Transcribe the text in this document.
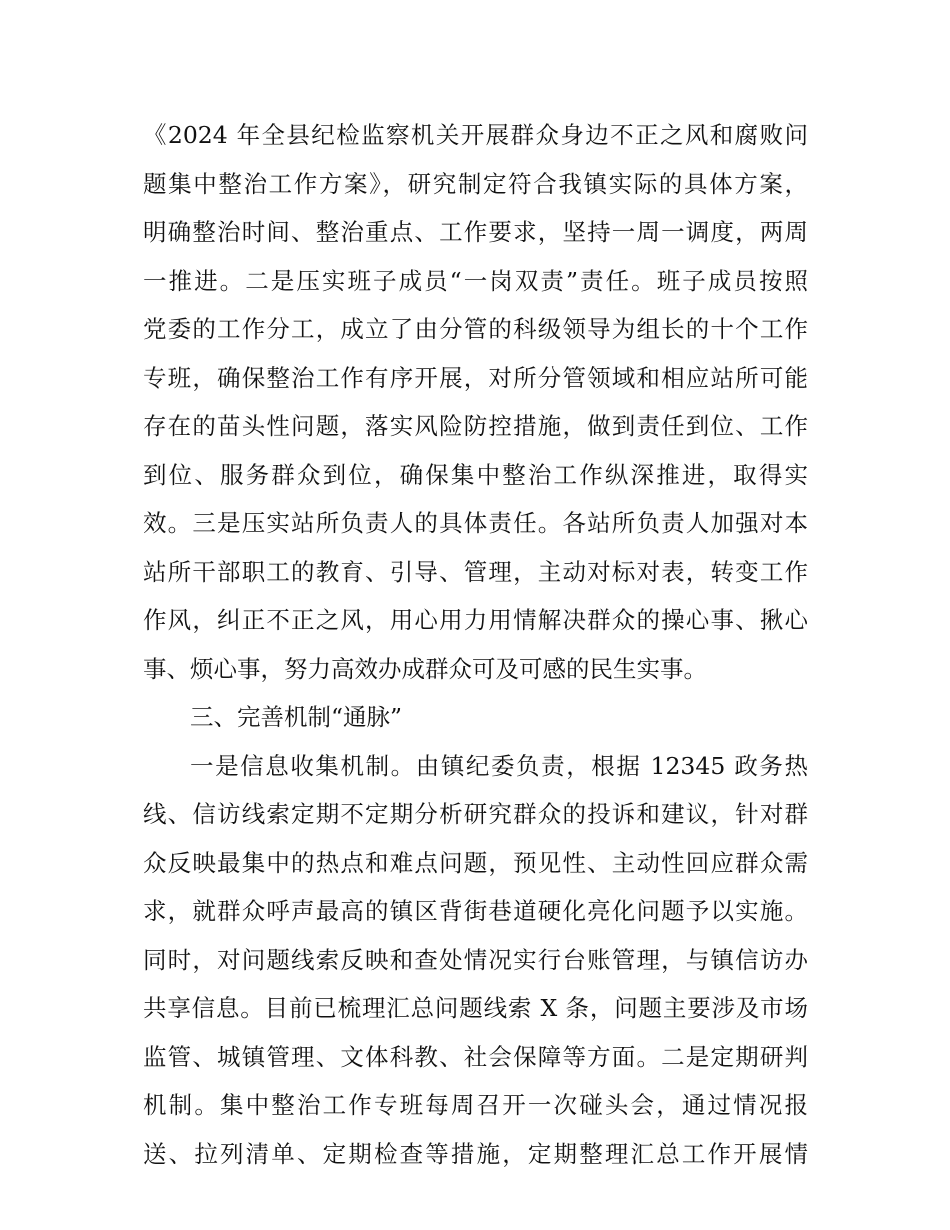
《2024 年全县纪检监察机关开展群众身边不正之风和腐败问
题集中整治工作方案》，研究制定符合我镇实际的具体方案，
明确整治时间、整治重点、工作要求，坚持一周一调度，两周
一推进。二是压实班子成员“一岗双责”责任。班子成员按照
党委的工作分工，成立了由分管的科级领导为组长的十个工作
专班，确保整治工作有序开展，对所分管领域和相应站所可能
存在的苗头性问题，落实风险防控措施，做到责任到位、工作
到位、服务群众到位，确保集中整治工作纵深推进，取得实
效。三是压实站所负责人的具体责任。各站所负责人加强对本
站所干部职工的教育、引导、管理，主动对标对表，转变工作
作风，纠正不正之风，用心用力用情解决群众的操心事、揪心
事、烦心事，努力高效办成群众可及可感的民生实事。
三、完善机制“通脉”
一是信息收集机制。由镇纪委负责，根据 12345 政务热
线、信访线索定期不定期分析研究群众的投诉和建议，针对群
众反映最集中的热点和难点问题，预见性、主动性回应群众需
求，就群众呼声最高的镇区背街巷道硬化亮化问题予以实施。
同时，对问题线索反映和查处情况实行台账管理，与镇信访办
共享信息。目前已梳理汇总问题线索 X 条，问题主要涉及市场
监管、城镇管理、文体科教、社会保障等方面。二是定期研判
机制。集中整治工作专班每周召开一次碰头会，通过情况报
送、拉列清单、定期检查等措施，定期整理汇总工作开展情
